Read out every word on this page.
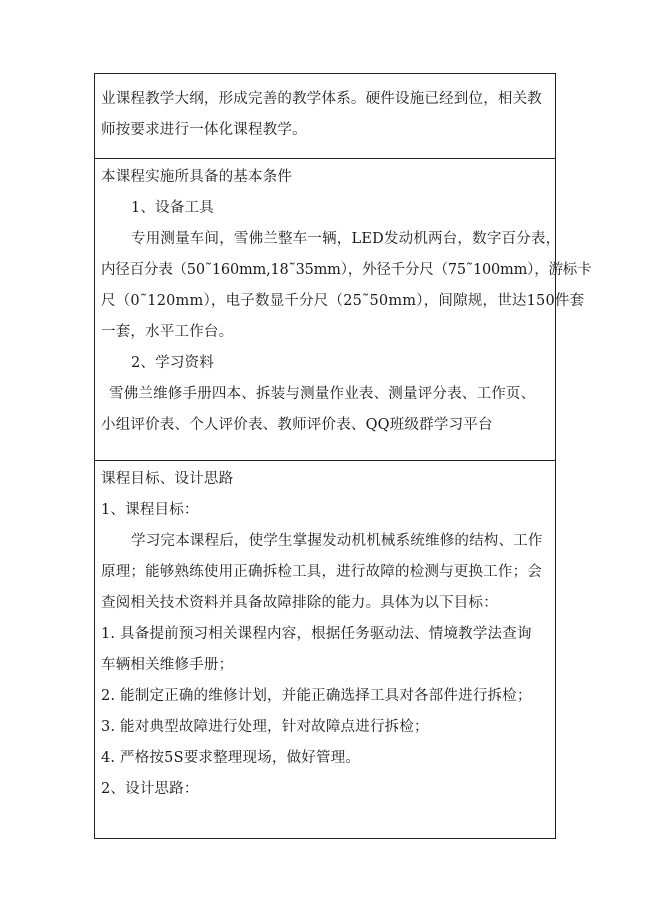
业课程教学大纲，形成完善的教学体系。硬件设施已经到位，相关教
师按要求进行一体化课程教学。
本课程实施所具备的基本条件
1、设备工具
专用测量车间，雪佛兰整车一辆，LED发动机两台，数字百分表，
内径百分表（50˜160mm,18˜35mm），外径千分尺（75˜100mm），游标卡
尺（0˜120mm），电子数显千分尺（25˜50mm），间隙规，世达150件套
一套，水平工作台。
2、学习资料
雪佛兰维修手册四本、拆装与测量作业表、测量评分表、工作页、
小组评价表、个人评价表、教师评价表、QQ班级群学习平台
课程目标、设计思路
1、课程目标：
学习完本课程后，使学生掌握发动机机械系统维修的结构、工作
原理；能够熟练使用正确拆检工具，进行故障的检测与更换工作；会
查阅相关技术资料并具备故障排除的能力。具体为以下目标：
1. 具备提前预习相关课程内容，根据任务驱动法、情境教学法查询
车辆相关维修手册；
2. 能制定正确的维修计划，并能正确选择工具对各部件进行拆检；
3. 能对典型故障进行处理，针对故障点进行拆检；
4. 严格按5S要求整理现场，做好管理。
2、设计思路：
